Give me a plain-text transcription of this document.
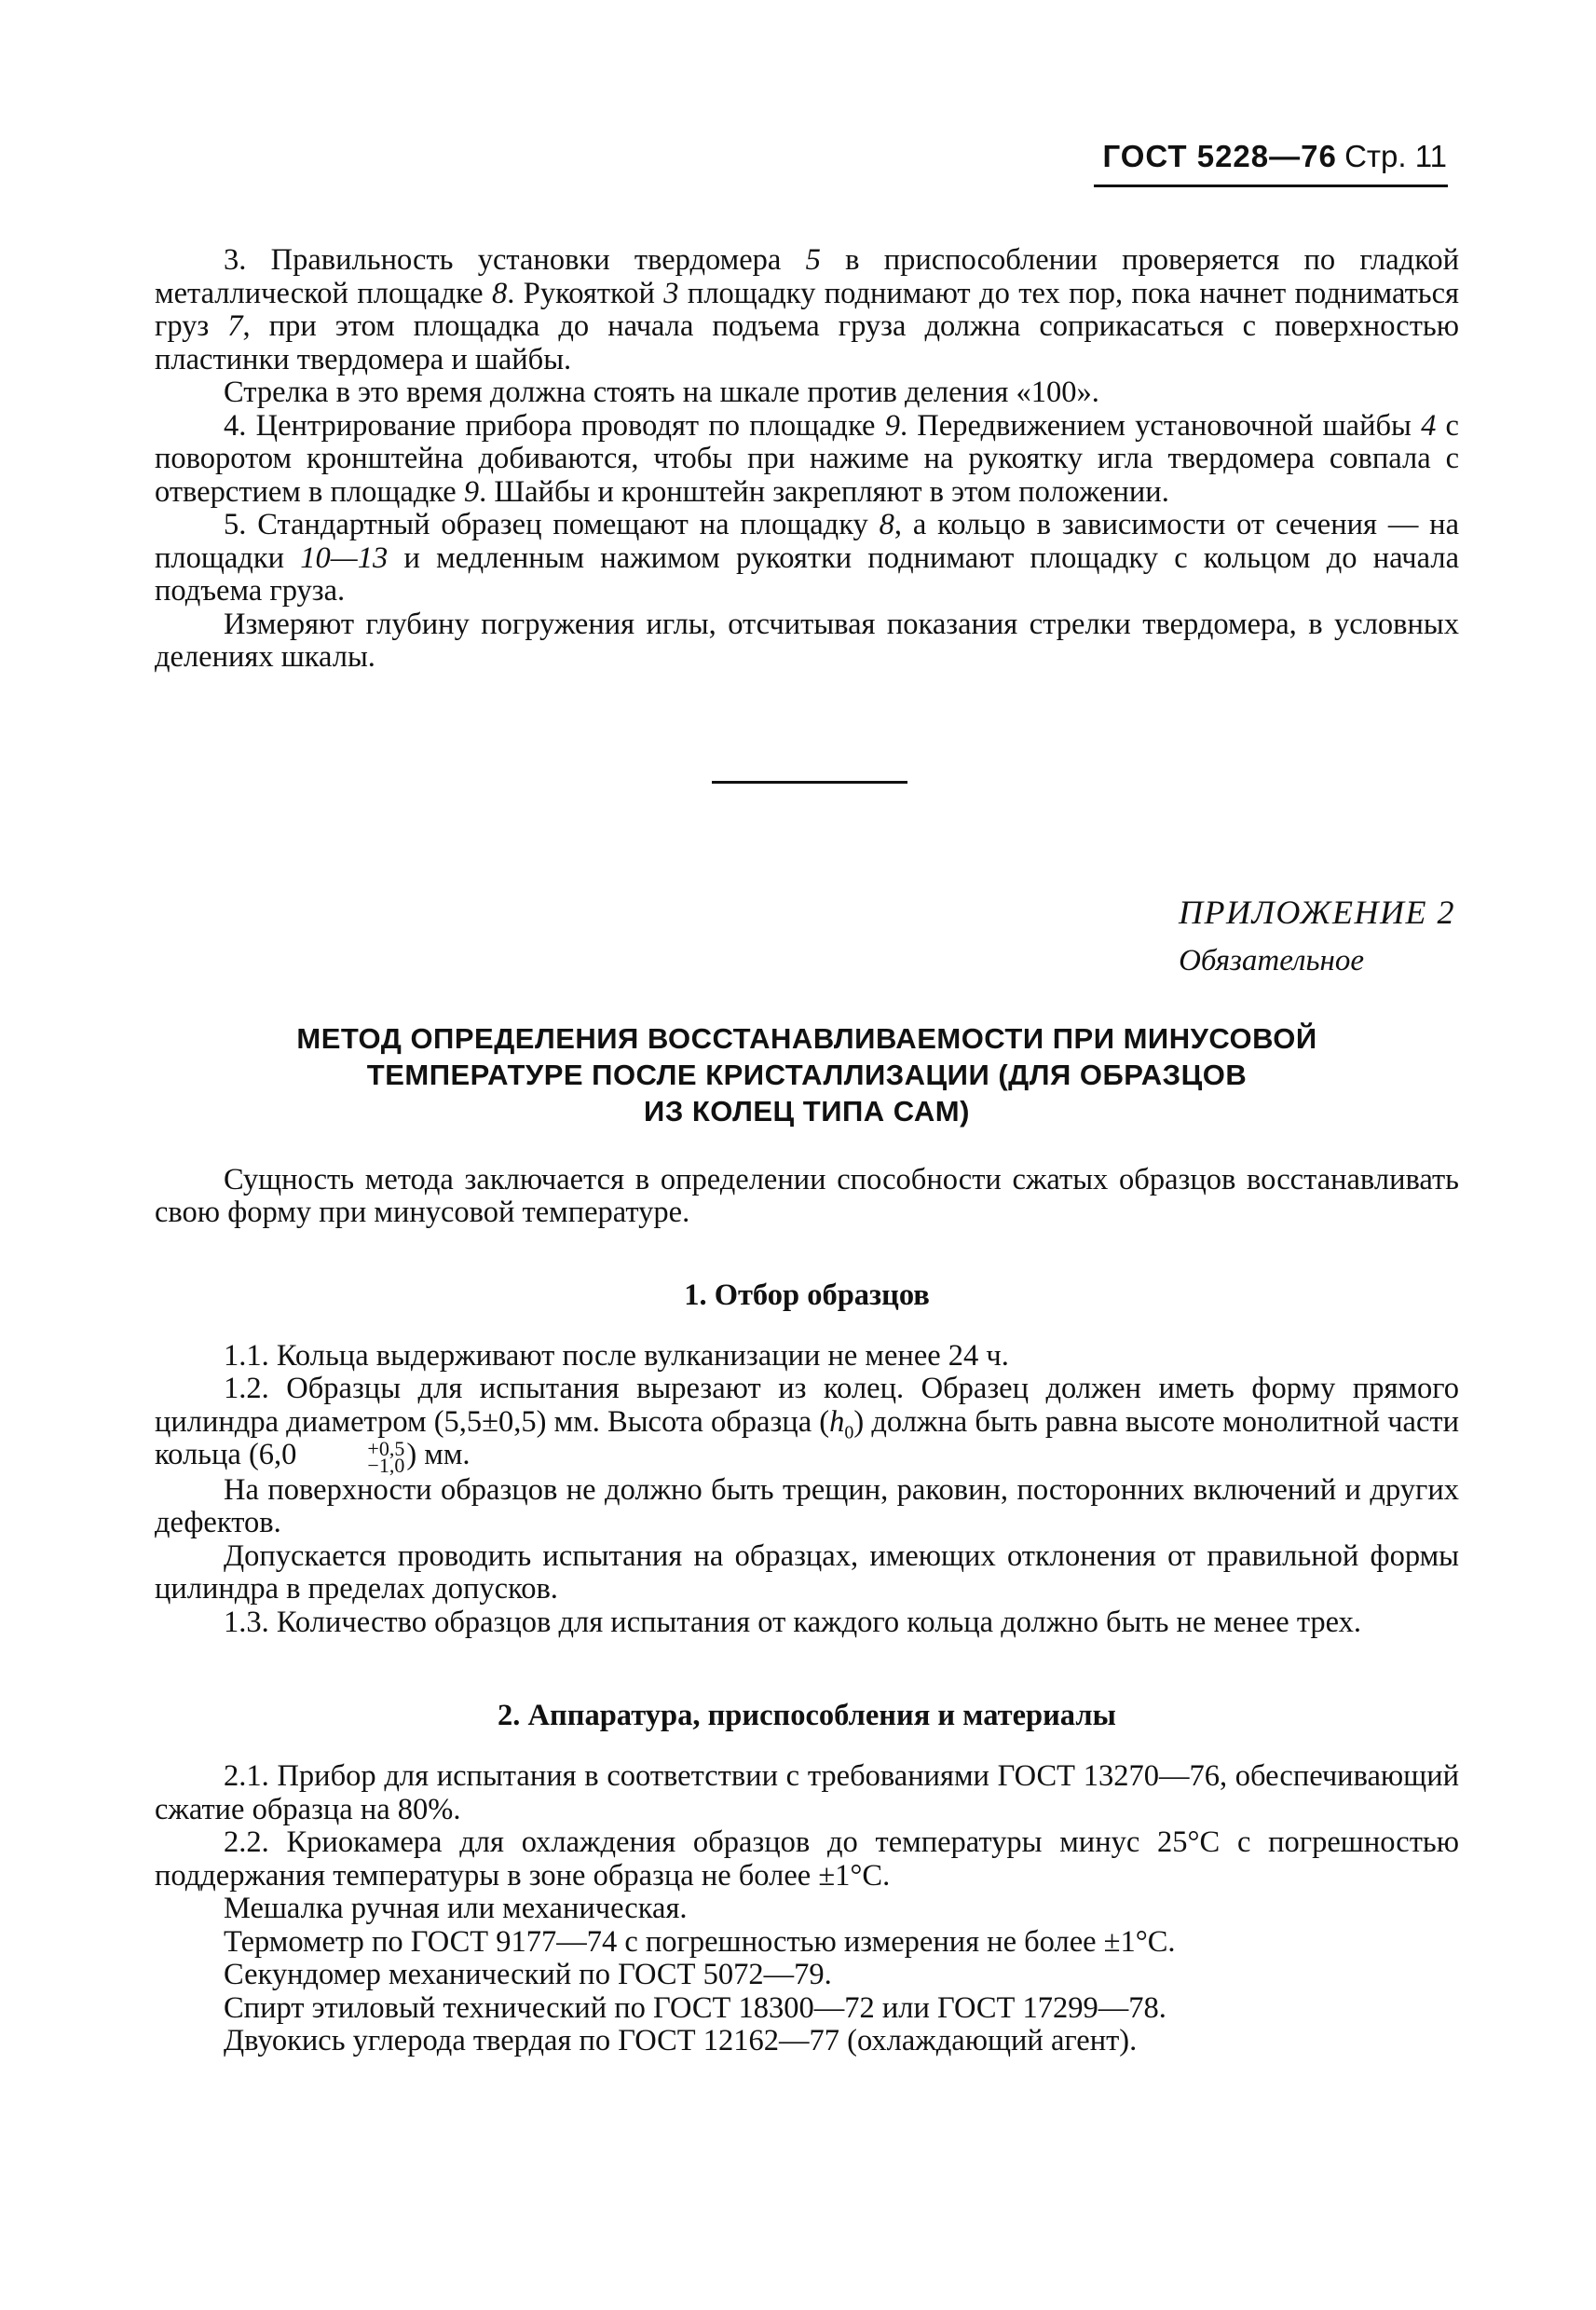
ГОСТ 5228—76 Стр. 11

3. Правильность установки твердомера 5 в приспособлении проверяется по гладкой металлической площадке 8. Рукояткой 3 площадку поднимают до тех пор, пока начнет подниматься груз 7, при этом площадка до начала подъема груза должна соприкасаться с поверхностью пластинки твердомера и шайбы.

Стрелка в это время должна стоять на шкале против деления «100».

4. Центрирование прибора проводят по площадке 9. Передвижением установочной шайбы 4 с поворотом кронштейна добиваются, чтобы при нажиме на рукоятку игла твердомера совпала с отверстием в площадке 9. Шайбы и кронштейн закрепляют в этом положении.

5. Стандартный образец помещают на площадку 8, а кольцо в зависимости от сечения — на площадки 10—13 и медленным нажимом рукоятки поднимают площадку с кольцом до начала подъема груза.

Измеряют глубину погружения иглы, отсчитывая показания стрелки твердомера, в условных делениях шкалы.

ПРИЛОЖЕНИЕ 2
Обязательное
МЕТОД ОПРЕДЕЛЕНИЯ ВОССТАНАВЛИВАЕМОСТИ ПРИ МИНУСОВОЙ
ТЕМПЕРАТУРЕ ПОСЛЕ КРИСТАЛЛИЗАЦИИ (ДЛЯ ОБРАЗЦОВ
ИЗ КОЛЕЦ ТИПА САМ)

Сущность метода заключается в определении способности сжатых образцов восстанавливать свою форму при минусовой температуре.

1. Отбор образцов

1.1. Кольца выдерживают после вулканизации не менее 24 ч.

1.2. Образцы для испытания вырезают из колец. Образец должен иметь форму прямого цилиндра диаметром (5,5±0,5) мм. Высота образца $(h_0)$ должна быть равна высоте монолитной части кольца (6,0	+0,5
−1,0 ) мм.

На поверхности образцов не должно быть трещин, раковин, посторонних включений и других дефектов.

Допускается проводить испытания на образцах, имеющих отклонения от правильной формы цилиндра в пределах допусков.

1.3. Количество образцов для испытания от каждого кольца должно быть не менее трех.

2. Аппаратура, приспособления и материалы

2.1. Прибор для испытания в соответствии с требованиями ГОСТ 13270—76, обеспечивающий сжатие образца на 80%.

2.2. Криокамера для охлаждения образцов до температуры минус 25°С с погрешностью поддержания температуры в зоне образца не более ±1°С.

Мешалка ручная или механическая.

Термометр по ГОСТ 9177—74 с погрешностью измерения не более ±1°С.

Секундомер механический по ГОСТ 5072—79.

Спирт этиловый технический по ГОСТ 18300—72 или ГОСТ 17299—78.

Двуокись углерода твердая по ГОСТ 12162—77 (охлаждающий агент).
